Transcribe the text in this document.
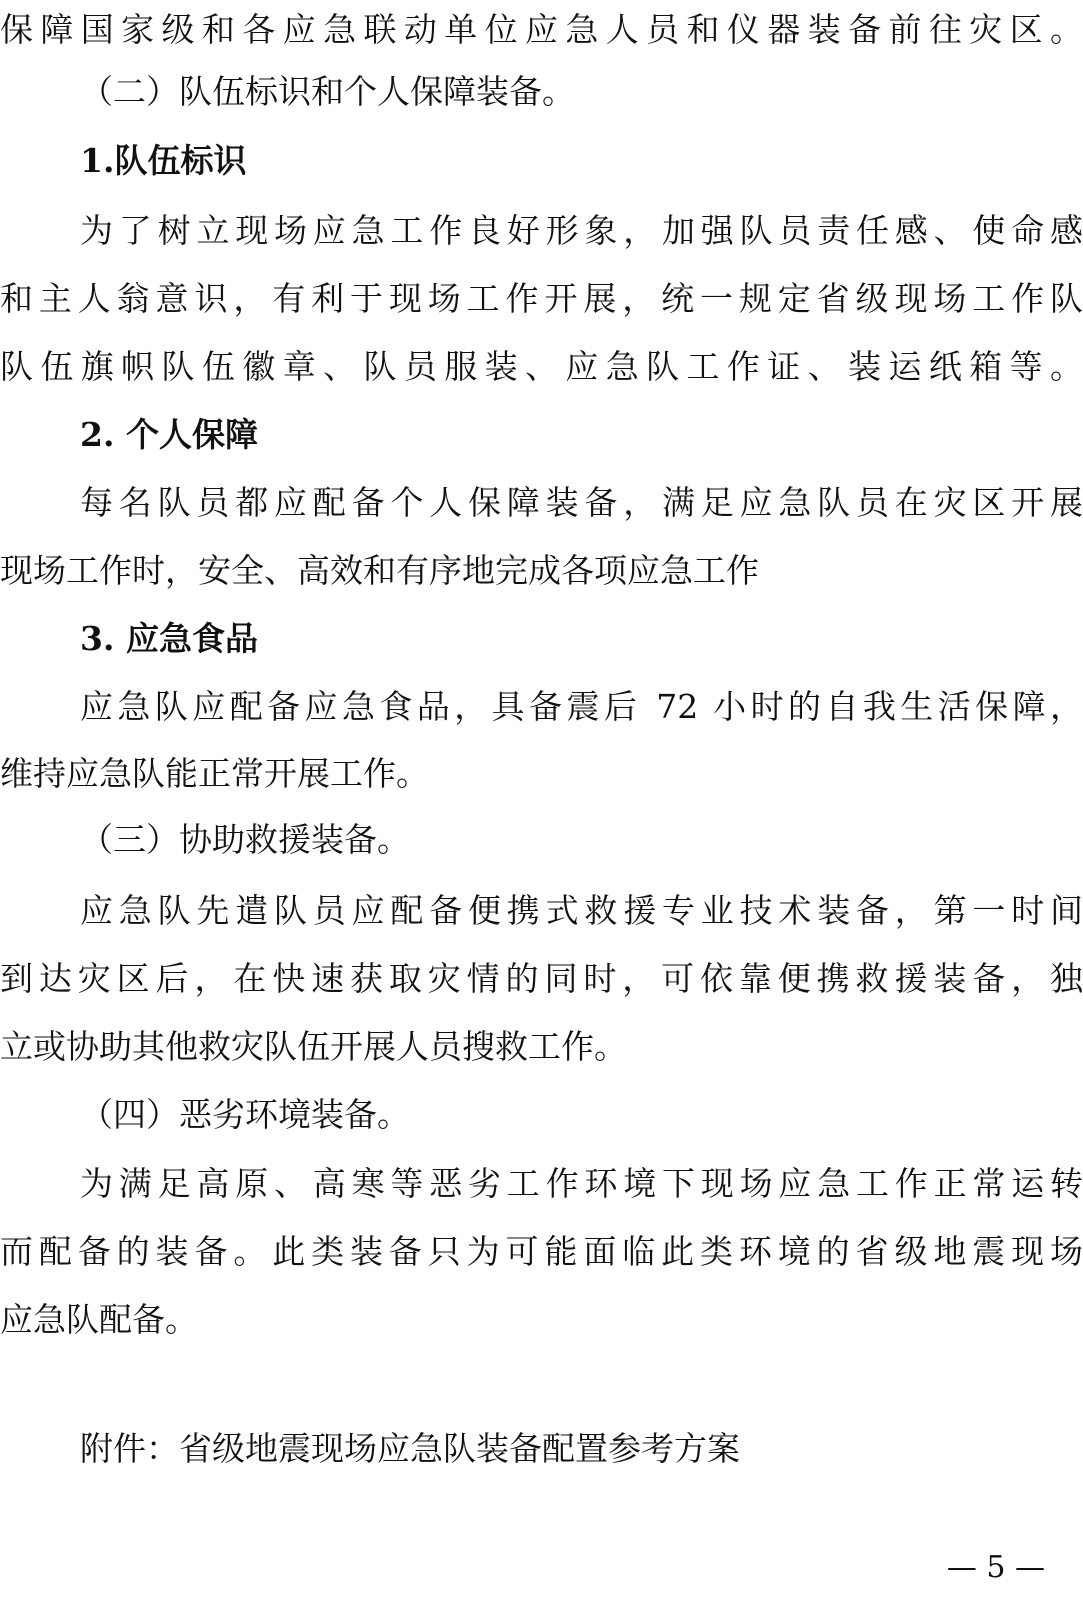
保障国家级和各应急联动单位应急人员和仪器装备前往灾区。
（二）队伍标识和个人保障装备。
1.队伍标识
为了树立现场应急工作良好形象，加强队员责任感、使命感
和主人翁意识，有利于现场工作开展，统一规定省级现场工作队
队伍旗帜队伍徽章、队员服装、应急队工作证、装运纸箱等。
2. 个人保障
每名队员都应配备个人保障装备，满足应急队员在灾区开展
现场工作时，安全、高效和有序地完成各项应急工作
3. 应急食品
应急队应配备应急食品，具备震后 72 小时的自我生活保障，
维持应急队能正常开展工作。
（三）协助救援装备。
应急队先遣队员应配备便携式救援专业技术装备，第一时间
到达灾区后，在快速获取灾情的同时，可依靠便携救援装备，独
立或协助其他救灾队伍开展人员搜救工作。
（四）恶劣环境装备。
为满足高原、高寒等恶劣工作环境下现场应急工作正常运转
而配备的装备。此类装备只为可能面临此类环境的省级地震现场
应急队配备。
附件：省级地震现场应急队装备配置参考方案
— 5 —
